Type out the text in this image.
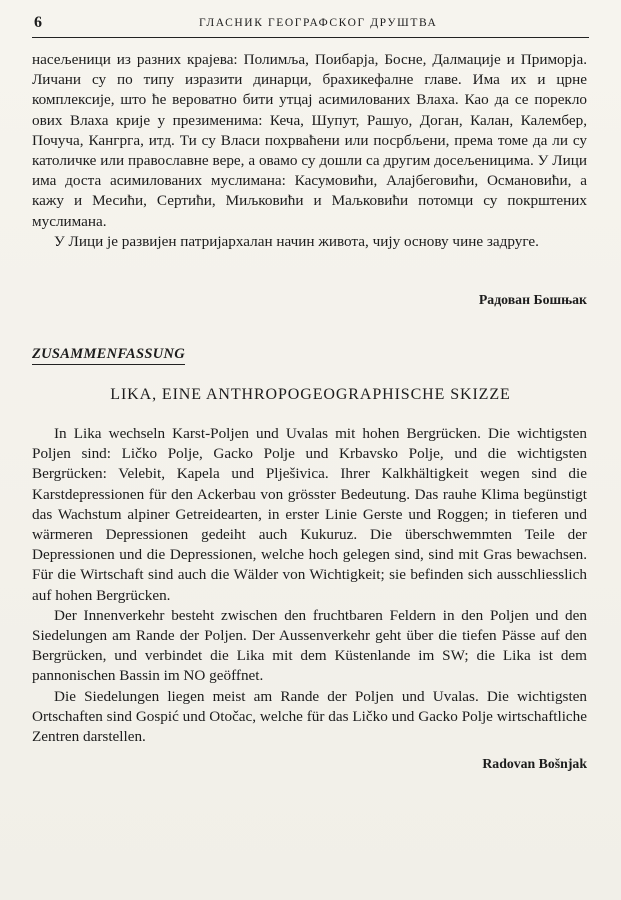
6	ГЛАСНИК ГЕОГРАФСКОГ ДРУШТВА

насељеници из разних крајева: Полимља, Поибарја, Босне, Далмације и Приморја. Личани су по типу изразити динарци, брахикефалне главе. Има их и црне комплексије, што ће вероватно бити утцај асимилованих Влаха. Као да се порекло ових Влаха крије у презименима: Кеча, Шупут, Рашуо, Доган, Калан, Калембер, Почуча, Кангрга, итд. Ти су Власи похрваћени или посрбљени, према томе да ли су католичке или православне вере, а овамо су дошли са другим досељеницима. У Лици има доста асимилованих муслимана: Касумовићи, Алајбеговићи, Османовићи, а кажу и Месићи, Сертићи, Миљковићи и Маљковићи потомци су покрштених муслимана.

У Лици је развијен патријархалан начин живота, чију основу чине задруге.

Радован Бошњак
ZUSAMMENFASSUNG
LIKA, EINE ANTHROPOGEOGRAPHISCHE SKIZZE

In Lika wechseln Karst-Poljen und Uvalas mit hohen Bergrücken. Die wichtigsten Poljen sind: Ličko Polje, Gacko Polje und Krbavsko Polje, und die wichtigsten Bergrücken: Velebit, Kapela und Plješivica. Ihrer Kalkhältigkeit wegen sind die Karstdepressionen für den Ackerbau von grösster Bedeutung. Das rauhe Klima begünstigt das Wachstum alpiner Getreidearten, in erster Linie Gerste und Roggen; in tieferen und wärmeren Depressionen gedeiht auch Kukuruz. Die überschwemmten Teile der Depressionen und die Depressionen, welche hoch gelegen sind, sind mit Gras bewachsen. Für die Wirtschaft sind auch die Wälder von Wichtigkeit; sie befinden sich ausschliesslich auf hohen Bergrücken.

Der Innenverkehr besteht zwischen den fruchtbaren Feldern in den Poljen und den Siedelungen am Rande der Poljen. Der Aussenverkehr geht über die tiefen Pässe auf den Bergrücken, und verbindet die Lika mit dem Küstenlande im SW; die Lika ist dem pannonischen Bassin im NO geöffnet.

Die Siedelungen liegen meist am Rande der Poljen und Uvalas. Die wichtigsten Ortschaften sind Gospić und Otočac, welche für das Ličko und Gacko Polje wirtschaftliche Zentren darstellen.

Radovan Bošnjak
